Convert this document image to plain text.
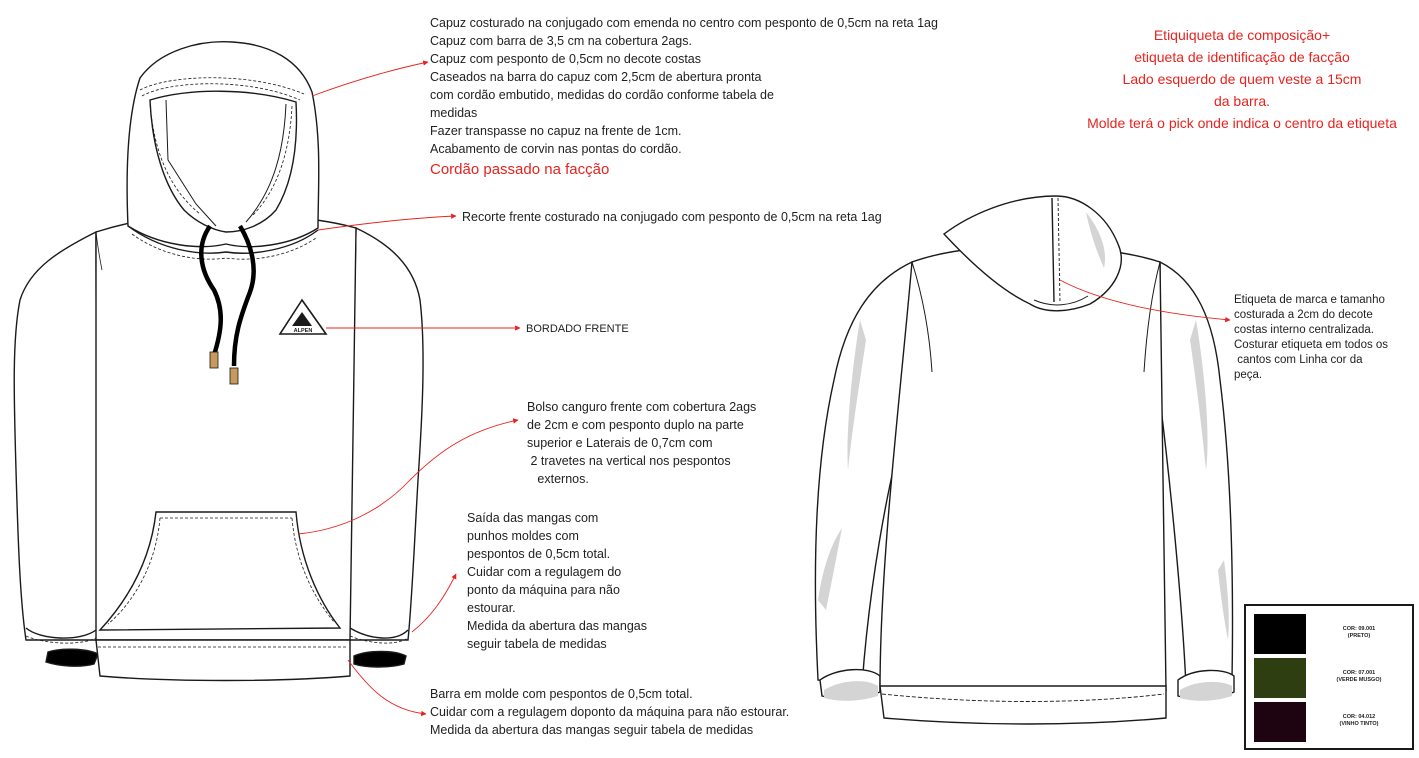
ALPEN
Capuz costurado na conjugado com emenda no centro com pesponto de 0,5cm na reta 1ag
Capuz com barra de 3,5 cm na cobertura 2ags.
Capuz com pesponto de 0,5cm no decote costas
Caseados na barra do capuz com 2,5cm de abertura pronta
com cordão embutido, medidas do cordão conforme tabela de
medidas
Fazer transpasse no capuz na frente de 1cm.
Acabamento de corvin nas pontas do cordão.
Cordão passado na facção
Recorte frente costurado na conjugado com pesponto de 0,5cm na reta 1ag
BORDADO FRENTE
Bolso canguro frente com cobertura 2ags
de 2cm e com pesponto duplo na parte
superior e Laterais de 0,7cm com
2 travetes na vertical nos pespontos
externos.
Saída das mangas com
punhos moldes com
pespontos de 0,5cm total.
Cuidar com a regulagem do
ponto da máquina para não
estourar.
Medida da abertura das mangas
seguir tabela de medidas
Barra em molde com pespontos de 0,5cm total.
Cuidar com a regulagem doponto da máquina para não estourar.
Medida da abertura das mangas seguir tabela de medidas
Etiquiqueta de composição+
etiqueta de identificação de facção
Lado esquerdo de quem veste a 15cm
da barra.
Molde terá o pick onde indica o centro da etiqueta
Etiqueta de marca e tamanho
costurada a 2cm do decote
costas interno centralizada.
Costurar etiqueta em todos os
cantos com Linha cor da
peça.
COR: 09.001
(PRETO)
COR: 07.001
(VERDE MUSGO)
COR: 04.012
(VINHO TINTO)
